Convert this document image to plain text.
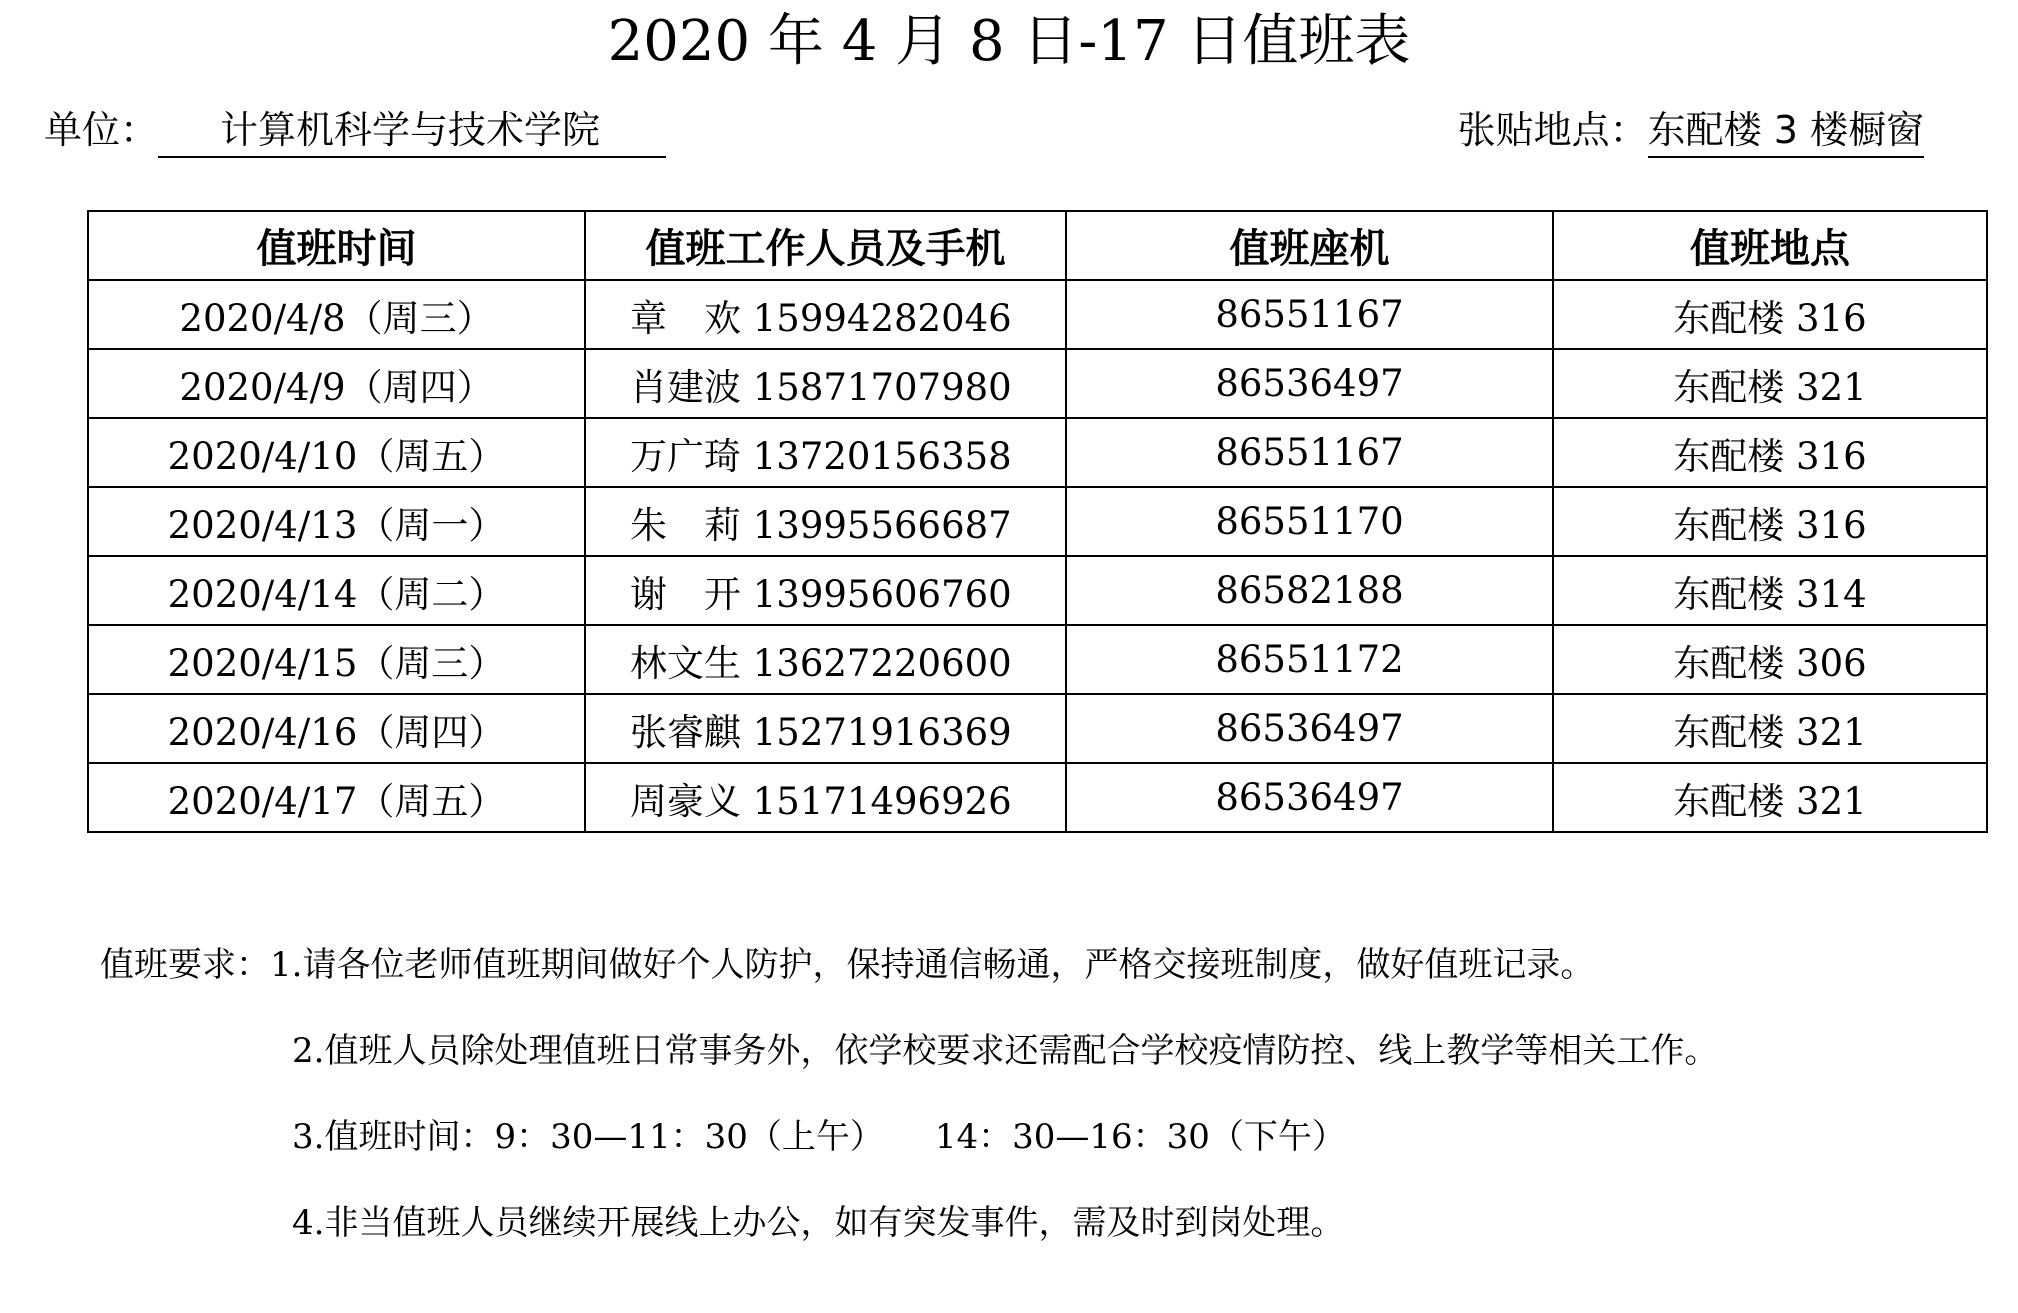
2020 年 4 月 8 日-17 日值班表
单位： 计算机科学与技术学院	张贴地点：东配楼 3 楼橱窗
值班时间	值班工作人员及手机	值班座机	值班地点
2020/4/8（周三）	章　欢 15994282046	86551167	东配楼 316
2020/4/9（周四）	肖建波 15871707980	86536497	东配楼 321
2020/4/10（周五）	万广琦 13720156358	86551167	东配楼 316
2020/4/13（周一）	朱　莉 13995566687	86551170	东配楼 316
2020/4/14（周二）	谢　开 13995606760	86582188	东配楼 314
2020/4/15（周三）	林文生 13627220600	86551172	东配楼 306
2020/4/16（周四）	张睿麒 15271916369	86536497	东配楼 321
2020/4/17（周五）	周豪义 15171496926	86536497	东配楼 321
值班要求：1.请各位老师值班期间做好个人防护，保持通信畅通，严格交接班制度，做好值班记录。
2.值班人员除处理值班日常事务外，依学校要求还需配合学校疫情防控、线上教学等相关工作。
3.值班时间：9：30—11：30（上午）　　14：30—16：30（下午）
4.非当值班人员继续开展线上办公，如有突发事件，需及时到岗处理。
